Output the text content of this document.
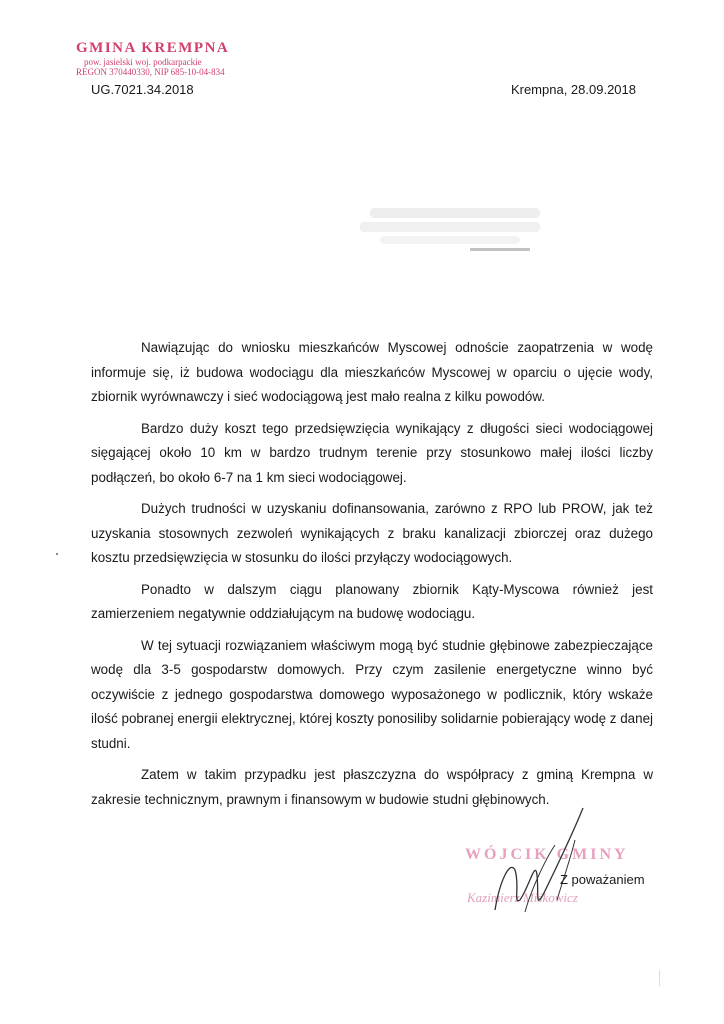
GMINA KREMPNA
pow. jasielski woj. podkarpackie
REGON 370440330, NIP 685-10-04-834
UG.7021.34.2018	Krempna, 28.09.2018

Nawiązując do wniosku mieszkańców Myscowej odnoście zaopatrzenia w wodę informuje się, iż budowa wodociągu dla mieszkańców Myscowej w oparciu o ujęcie wody, zbiornik wyrównawczy i sieć wodociągową jest mało realna z kilku powodów.

Bardzo duży koszt tego przedsięwzięcia wynikający z długości sieci wodociągowej sięgającej około 10 km w bardzo trudnym terenie przy stosunkowo małej ilości liczby podłączeń, bo około 6-7 na 1 km sieci wodociągowej.

Dużych trudności w uzyskaniu dofinansowania, zarówno z RPO lub PROW, jak też uzyskania stosownych zezwoleń wynikających z braku kanalizacji zbiorczej oraz dużego kosztu przedsięwzięcia w stosunku do ilości przyłączy wodociągowych.

Ponadto w dalszym ciągu planowany zbiornik Kąty-Myscowa również jest zamierzeniem negatywnie oddziałującym na budowę wodociągu.

W tej sytuacji rozwiązaniem właściwym mogą być studnie głębinowe zabezpieczające wodę dla 3-5 gospodarstw domowych. Przy czym zasilenie energetyczne winno być oczywiście z jednego gospodarstwa domowego wyposażonego w podlicznik, który wskaże ilość pobranej energii elektrycznej, której koszty ponosiliby solidarnie pobierający wodę z danej studni.

Zatem w takim przypadku jest płaszczyzna do współpracy z gminą Krempna w zakresie technicznym, prawnym i finansowym w budowie studni głębinowych.

WÓJCIK GMINY
Kazimierz Miśkowicz
Z poważaniem
